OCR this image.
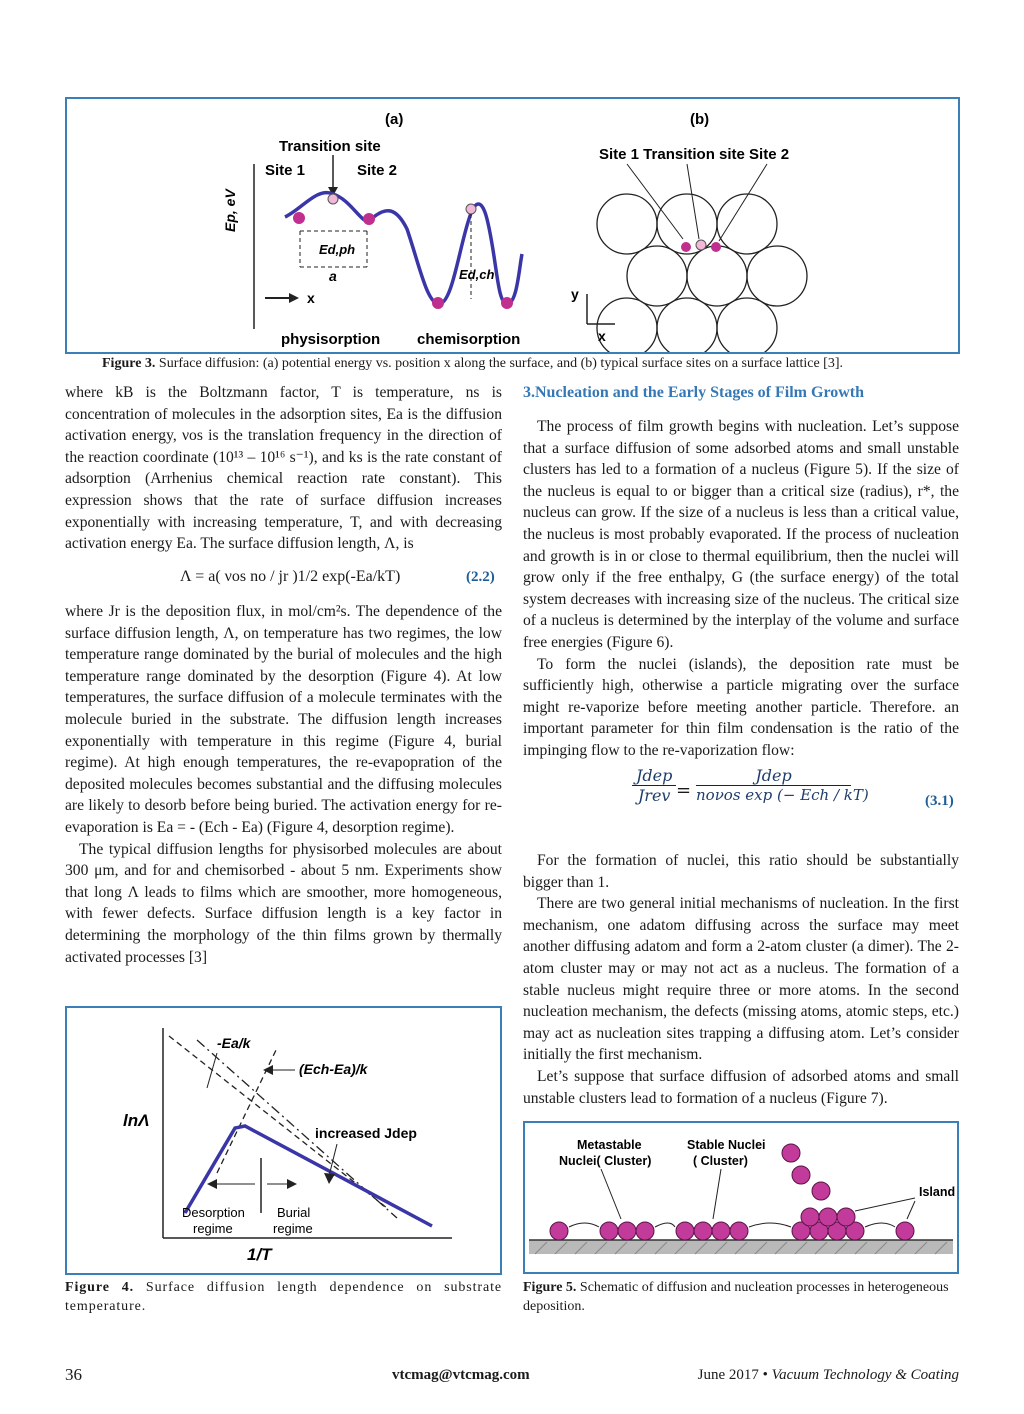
(a)
Ep, eV
Transition site
Site 1	Site 2
Ed,ph
a	Ed,ch
x
physisorption chemisorption
(b)
Site 1 Transition site Site 2
y
x
Figure 3. Surface diffusion: (a) potential energy vs. position x along the surface, and (b) typical surface sites on a surface lattice [3].

where kB is the Boltzmann factor, T is temperature, ns is concentration of molecules in the adsorption sites, Ea is the diffusion activation energy, νos is the translation frequency in the direction of the reaction coordinate (10¹³ – 10¹⁶ s⁻¹), and ks is the rate constant of adsorption (Arrhenius chemical reaction rate constant). This expression shows that the rate of surface diffusion increases exponentially with increasing temperature, T, and with decreasing activation energy Ea. The surface diffusion length, Λ, is

Λ = a( νos no / jr )1/2 exp(-Ea/kT)	(2.2)

where Jr is the deposition flux, in mol/cm²s. The dependence of the surface diffusion length, Λ, on temperature has two regimes, the low temperature range dominated by the burial of molecules and the high temperature range dominated by the desorption (Figure 4). At low temperatures, the surface diffusion of a molecule terminates with the molecule buried in the substrate. The diffusion length increases exponentially with temperature in this regime (Figure 4, burial regime). At high enough temperatures, the re-evapopration of the deposited molecules becomes substantial and the diffusing molecules are likely to desorb before being buried. The activation energy for re-evaporation is Ea = - (Ech - Ea) (Figure 4, desorption regime).

The typical diffusion lengths for physisorbed molecules are about 300 μm, and for and chemisorbed - about 5 nm. Experiments show that long Λ leads to films which are smoother, more homogeneous, with fewer defects. Surface diffusion length is a key factor in determining the morphology of the thin films grown by thermally activated processes [3]

lnΛ
1/T
-Ea/k
(Ech-Ea)/k
increased Jdep
Desorption
regime
Burial
regime
Figure 4. Surface diffusion length dependence on substrate temperature.
3.Nucleation and the Early Stages of Film Growth

The process of film growth begins with nucleation. Let’s suppose that a surface diffusion of some adsorbed atoms and small unstable clusters has led to a formation of a nucleus (Figure 5). If the size of the nucleus is equal to or bigger than a critical size (radius), r*, the nucleus can grow. If the size of a nucleus is less than a critical value, the nucleus is most probably evaporated. If the process of nucleation and growth is in or close to thermal equilibrium, then the nuclei will grow only if the free enthalpy, G (the surface energy) of the total system decreases with increasing size of the nucleus. The critical size of a nucleus is determined by the interplay of the volume and surface free energies (Figure 6).

To form the nuclei (islands), the deposition rate must be sufficiently high, otherwise a particle migrating over the surface might re-vaporize before meeting another particle. Therefore. an important parameter for thin film condensation is the ratio of the impinging flow to the re-vaporization flow:

Jdep
Jrev =
Jdep
noνos exp (− Ech / kT)	(3.1)

For the formation of nuclei, this ratio should be substantially bigger than 1.

There are two general initial mechanisms of nucleation. In the first mechanism, one adatom diffusing across the surface may meet another diffusing adatom and form a 2-atom cluster (a dimer). The 2-atom cluster may or may not act as a nucleus. The formation of a stable nucleus might require three or more atoms. In the second nucleation mechanism, the defects (missing atoms, atomic steps, etc.) may act as nucleation sites trapping a diffusing atom. Let’s consider initially the first mechanism.

Let’s suppose that surface diffusion of adsorbed atoms and small unstable clusters lead to formation of a nucleus (Figure 7).

Metastable
Nuclei( Cluster)
Stable Nuclei
( Cluster)
Island
Figure 5. Schematic of diffusion and nucleation processes in heterogeneous deposition.
36	vtcmag@vtcmag.com	June 2017 • Vacuum Technology & Coating
